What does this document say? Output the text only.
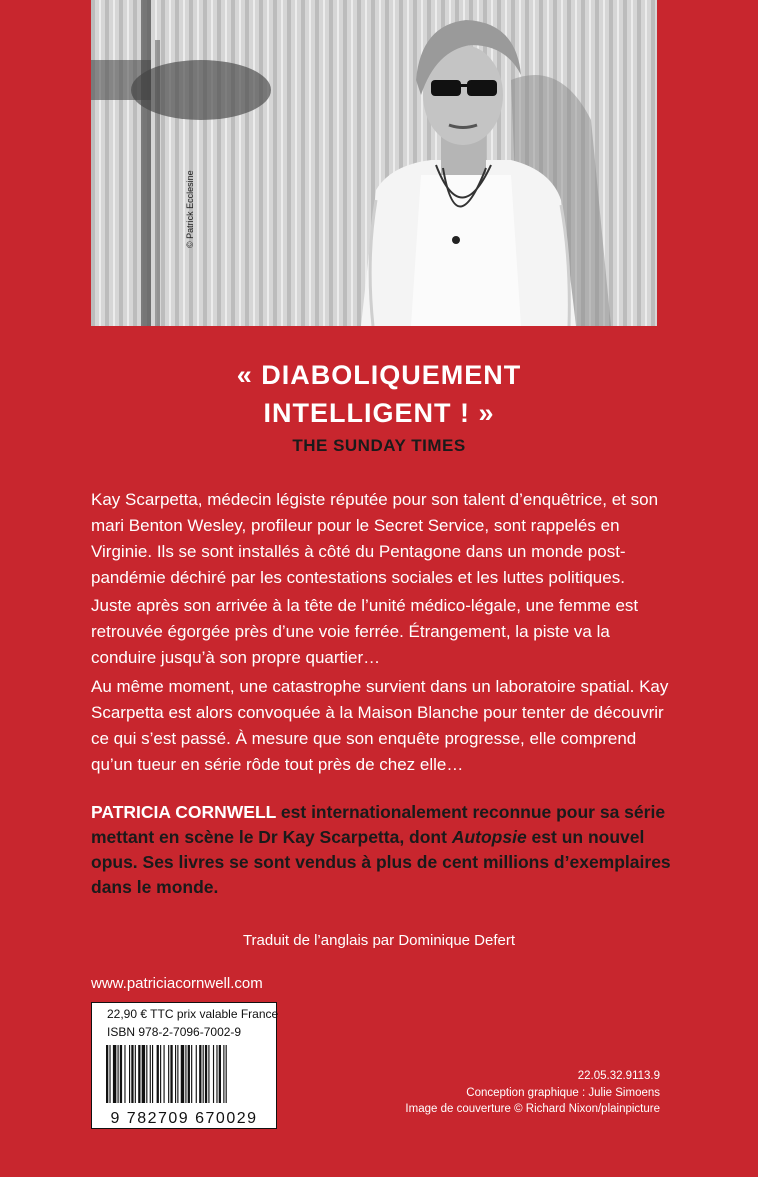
© Patrick Ecclesine
« DIABOLIQUEMENT
INTELLIGENT ! »
THE SUNDAY TIMES

Kay Scarpetta, médecin légiste réputée pour son talent d’enquêtrice, et son mari Benton Wesley, profileur pour le Secret Service, sont rappelés en Virginie. Ils se sont installés à côté du Pentagone dans un monde post-pandémie déchiré par les contestations sociales et les luttes politiques.

Juste après son arrivée à la tête de l’unité médico-légale, une femme est retrouvée égorgée près d’une voie ferrée. Étrangement, la piste va la conduire jusqu’à son propre quartier…

Au même moment, une catastrophe survient dans un laboratoire spatial. Kay Scarpetta est alors convoquée à la Maison Blanche pour tenter de découvrir ce qui s’est passé. À mesure que son enquête progresse, elle comprend qu’un tueur en série rôde tout près de chez elle…

PATRICIA CORNWELL est internationalement reconnue pour sa série mettant en scène le Dr Kay Scarpetta, dont Autopsie est un nouvel opus. Ses livres se sont vendus à plus de cent millions d’exemplaires dans le monde.

Traduit de l’anglais par Dominique Defert
www.patriciacornwell.com
22,90 € TTC prix valable France
ISBN 978-2-7096-7002-9
9 782709 670029
22.05.32.9113.9
Conception graphique : Julie Simoens
Image de couverture © Richard Nixon/plainpicture
